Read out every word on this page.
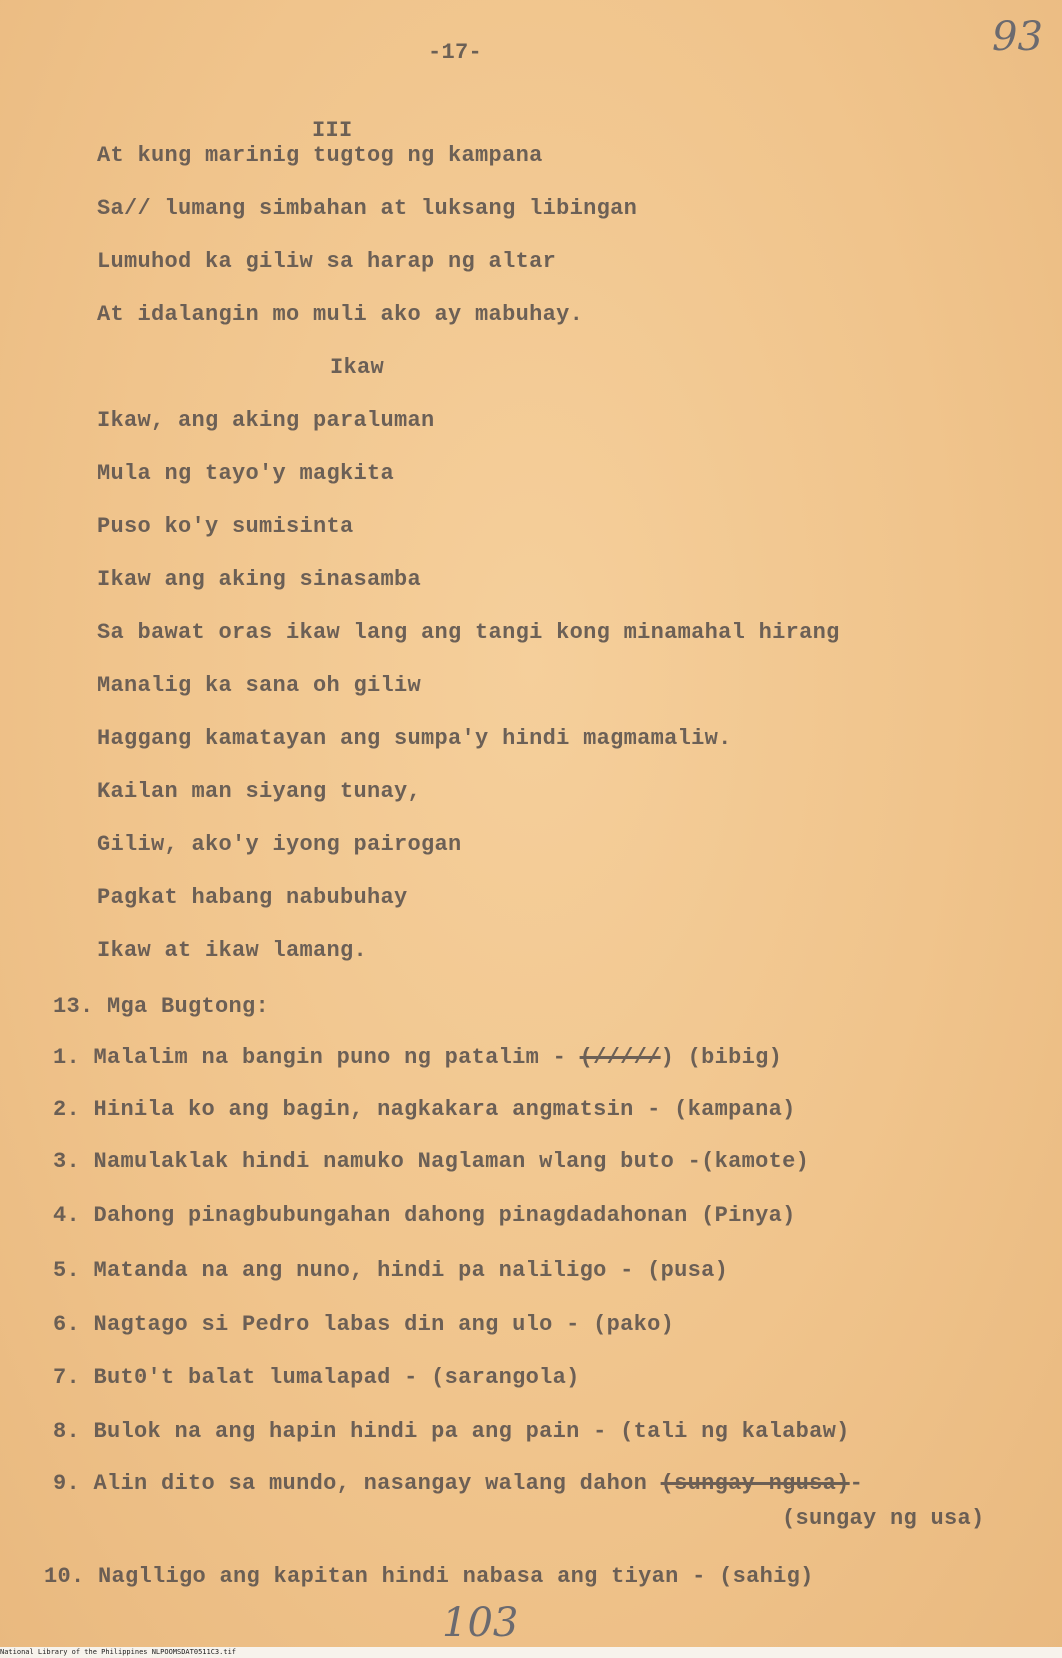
93
-17-
III
At kung marinig tugtog ng kampana
Sa// lumang simbahan at luksang libingan
Lumuhod ka giliw sa harap ng altar
At idalangin mo muli ako ay mabuhay.
Ikaw
Ikaw, ang aking paraluman
Mula ng tayo'y magkita
Puso ko'y sumisinta
Ikaw ang aking sinasamba
Sa bawat oras ikaw lang ang tangi kong minamahal hirang
Manalig ka sana oh giliw
Haggang kamatayan ang sumpa'y hindi magmamaliw.
Kailan man siyang tunay,
Giliw, ako'y iyong pairogan
Pagkat habang nabubuhay
Ikaw at ikaw lamang.
13. Mga Bugtong:
1. Malalim na bangin puno ng patalim - (/////) (bibig)
2. Hinila ko ang bagin, nagkakara angmatsin - (kampana)
3. Namulaklak hindi namuko Naglaman wlang buto -(kamote)
4. Dahong pinagbubungahan dahong pinagdadahonan (Pinya)
5. Matanda na ang nuno, hindi pa naliligo - (pusa)
6. Nagtago si Pedro labas din ang ulo - (pako)
7. But0't balat lumalapad - (sarangola)
8. Bulok na ang hapin hindi pa ang pain - (tali ng kalabaw)
9. Alin dito sa mundo, nasangay walang dahon (sungay ngusa)-
(sungay ng usa)
10. Naglligo ang kapitan hindi nabasa ang tiyan - (sahig)
103
National Library of the Philippines NLPOOMSDAT0511C3.tif
